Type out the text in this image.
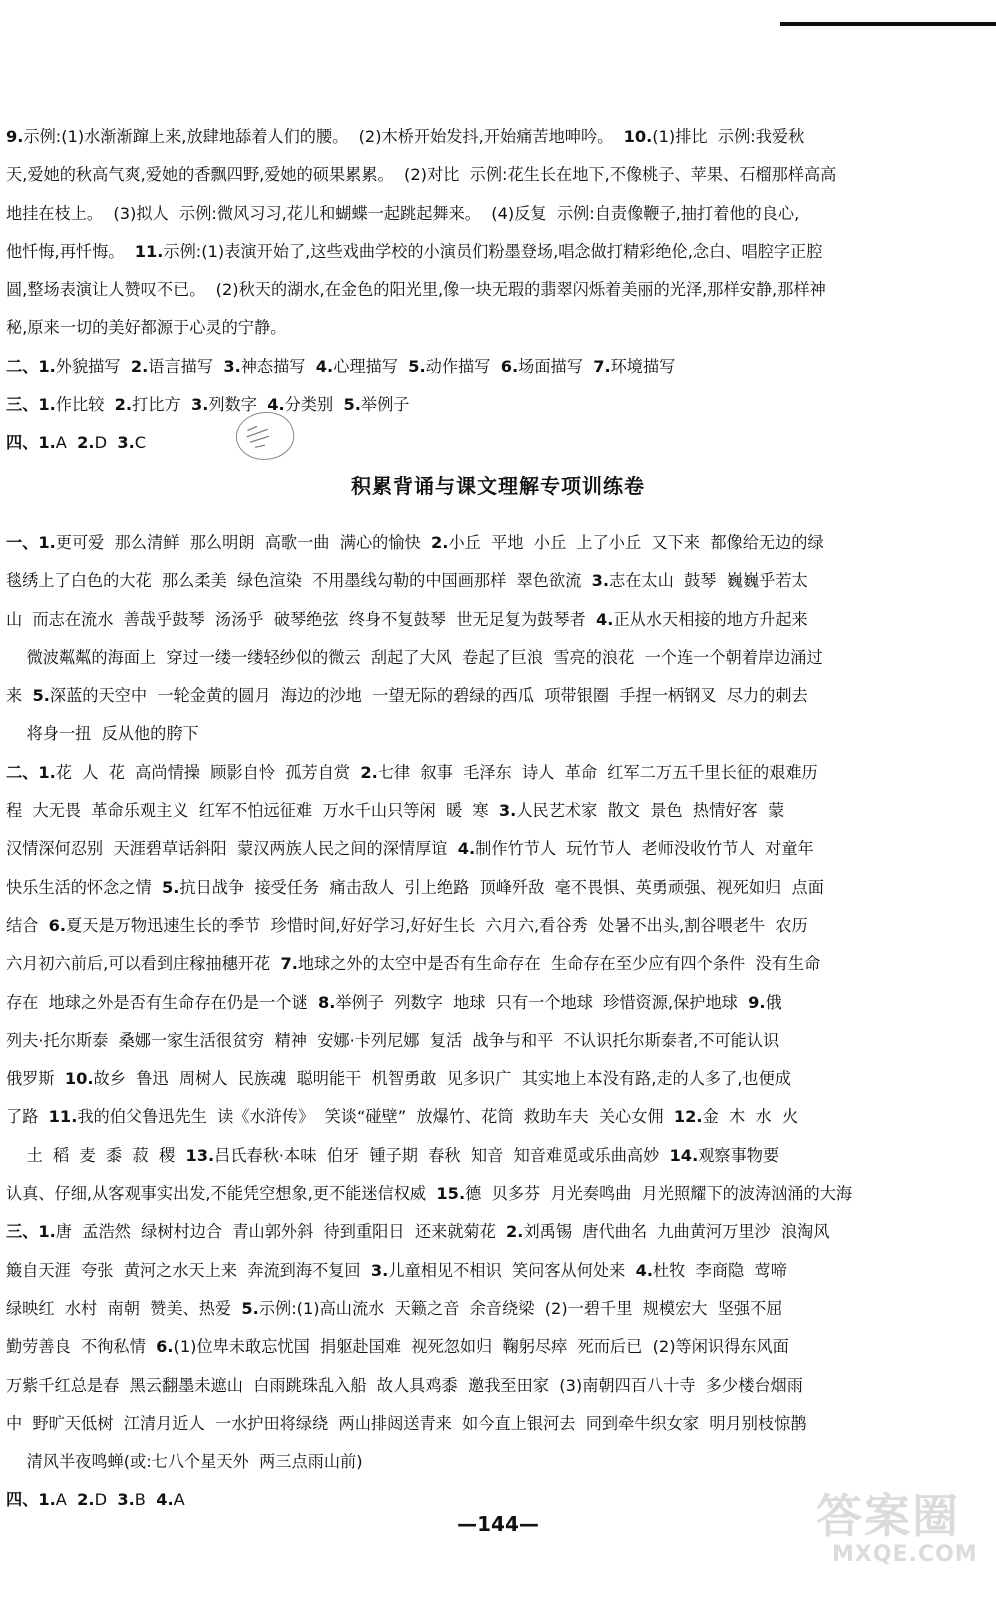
9.示例:(1)水渐渐蹿上来,放肆地舔着人们的腰。  (2)木桥开始发抖,开始痛苦地呻吟。  10.(1)排比  示例:我爱秋
天,爱她的秋高气爽,爱她的香飘四野,爱她的硕果累累。  (2)对比  示例:花生长在地下,不像桃子、苹果、石榴那样高高
地挂在枝上。  (3)拟人  示例:微风习习,花儿和蝴蝶一起跳起舞来。  (4)反复  示例:自责像鞭子,抽打着他的良心,
他忏悔,再忏悔。  11.示例:(1)表演开始了,这些戏曲学校的小演员们粉墨登场,唱念做打精彩绝伦,念白、唱腔字正腔
圆,整场表演让人赞叹不已。  (2)秋天的湖水,在金色的阳光里,像一块无瑕的翡翠闪烁着美丽的光泽,那样安静,那样神
秘,原来一切的美好都源于心灵的宁静。
二、1.外貌描写  2.语言描写  3.神态描写  4.心理描写  5.动作描写  6.场面描写  7.环境描写
三、1.作比较  2.打比方  3.列数字  4.分类别  5.举例子
四、1.A  2.D  3.C
一、1.更可爱  那么清鲜  那么明朗  高歌一曲  满心的愉快  2.小丘  平地  小丘  上了小丘  又下来  都像给无边的绿
毯绣上了白色的大花  那么柔美  绿色渲染  不用墨线勾勒的中国画那样  翠色欲流  3.志在太山  鼓琴  巍巍乎若太
山  而志在流水  善哉乎鼓琴  汤汤乎  破琴绝弦  终身不复鼓琴  世无足复为鼓琴者  4.正从水天相接的地方升起来
微波粼粼的海面上  穿过一缕一缕轻纱似的微云  刮起了大风  卷起了巨浪  雪亮的浪花  一个连一个朝着岸边涌过
来  5.深蓝的天空中  一轮金黄的圆月  海边的沙地  一望无际的碧绿的西瓜  项带银圈  手捏一柄钢叉  尽力的刺去
将身一扭  反从他的胯下
二、1.花  人  花  高尚情操  顾影自怜  孤芳自赏  2.七律  叙事  毛泽东  诗人  革命  红军二万五千里长征的艰难历
程  大无畏  革命乐观主义  红军不怕远征难  万水千山只等闲  暖  寒  3.人民艺术家  散文  景色  热情好客  蒙
汉情深何忍别  天涯碧草话斜阳  蒙汉两族人民之间的深情厚谊  4.制作竹节人  玩竹节人  老师没收竹节人  对童年
快乐生活的怀念之情  5.抗日战争  接受任务  痛击敌人  引上绝路  顶峰歼敌  毫不畏惧、英勇顽强、视死如归  点面
结合  6.夏天是万物迅速生长的季节  珍惜时间,好好学习,好好生长  六月六,看谷秀  处暑不出头,割谷喂老牛  农历
六月初六前后,可以看到庄稼抽穗开花  7.地球之外的太空中是否有生命存在  生命存在至少应有四个条件  没有生命
存在  地球之外是否有生命存在仍是一个谜  8.举例子  列数字  地球  只有一个地球  珍惜资源,保护地球  9.俄
列夫·托尔斯泰  桑娜一家生活很贫穷  精神  安娜·卡列尼娜  复活  战争与和平  不认识托尔斯泰者,不可能认识
俄罗斯  10.故乡  鲁迅  周树人  民族魂  聪明能干  机智勇敢  见多识广  其实地上本没有路,走的人多了,也便成
了路  11.我的伯父鲁迅先生  读《水浒传》  笑谈“碰壁”  放爆竹、花筒  救助车夫  关心女佣  12.金  木  水  火
土  稻  麦  黍  菽  稷  13.吕氏春秋·本味  伯牙  锺子期  春秋  知音  知音难觅或乐曲高妙  14.观察事物要
认真、仔细,从客观事实出发,不能凭空想象,更不能迷信权威  15.德  贝多芬  月光奏鸣曲  月光照耀下的波涛汹涌的大海
三、1.唐  孟浩然  绿树村边合  青山郭外斜  待到重阳日  还来就菊花  2.刘禹锡  唐代曲名  九曲黄河万里沙  浪淘风
簸自天涯  夸张  黄河之水天上来  奔流到海不复回  3.儿童相见不相识  笑问客从何处来  4.杜牧  李商隐  莺啼
绿映红  水村  南朝  赞美、热爱  5.示例:(1)高山流水  天籁之音  余音绕梁  (2)一碧千里  规模宏大  坚强不屈
勤劳善良  不徇私情  6.(1)位卑未敢忘忧国  捐躯赴国难  视死忽如归  鞠躬尽瘁  死而后已  (2)等闲识得东风面
万紫千红总是春  黑云翻墨未遮山  白雨跳珠乱入船  故人具鸡黍  邀我至田家  (3)南朝四百八十寺  多少楼台烟雨
中  野旷天低树  江清月近人  一水护田将绿绕  两山排闼送青来  如今直上银河去  同到牵牛织女家  明月别枝惊鹊
清风半夜鸣蝉(或:七八个星天外  两三点雨山前)
四、1.A  2.D  3.B  4.A
积累背诵与课文理解专项训练卷
—144—	答案圈
MXQE.COM
